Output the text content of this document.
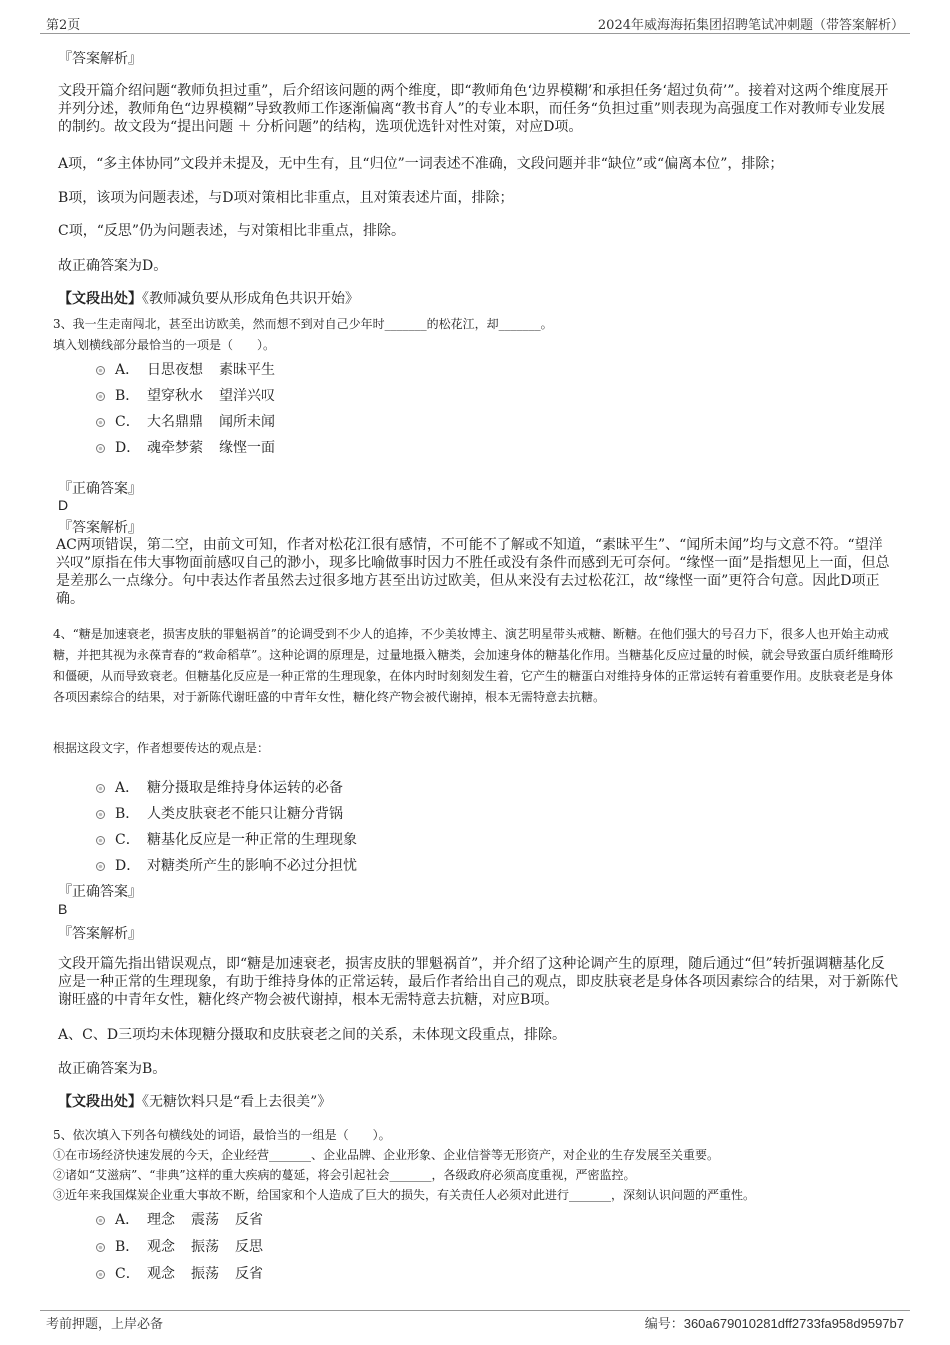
第2页	2024年威海海拓集团招聘笔试冲刺题（带答案解析）
『答案解析』
文段开篇介绍问题“教师负担过重”，后介绍该问题的两个维度，即“教师角色‘边界模糊’和承担任务‘超过负荷’”。接着对这两个维度展开并列分述，教师角色“边界模糊”导致教师工作逐渐偏离“教书育人”的专业本职，而任务“负担过重”则表现为高强度工作对教师专业发展的制约。故文段为“提出问题 ＋ 分析问题”的结构，选项优选针对性对策，对应D项。
A项，“多主体协同”文段并未提及，无中生有，且“归位”一词表述不准确，文段问题并非“缺位”或“偏离本位”，排除；
B项，该项为问题表述，与D项对策相比非重点，且对策表述片面，排除；
C项，“反思”仍为问题表述，与对策相比非重点，排除。
故正确答案为D。
【文段出处】《教师减负要从形成角色共识开始》
3、我一生走南闯北，甚至出访欧美，然而想不到对自己少年时_______的松花江，却_______。
填入划横线部分最恰当的一项是（　　）。
A． 日思夜想 素昧平生
B． 望穿秋水 望洋兴叹
C． 大名鼎鼎 闻所未闻
D． 魂牵梦萦 缘悭一面
『正确答案』
D
『答案解析』
AC两项错误，第二空，由前文可知，作者对松花江很有感情，不可能不了解或不知道，“素昧平生”、“闻所未闻”均与文意不符。“望洋兴叹”原指在伟大事物面前感叹自己的渺小，现多比喻做事时因力不胜任或没有条件而感到无可奈何。“缘悭一面”是指想见上一面，但总是差那么一点缘分。句中表达作者虽然去过很多地方甚至出访过欧美，但从来没有去过松花江，故“缘悭一面”更符合句意。因此D项正确。
4、“糖是加速衰老，损害皮肤的罪魁祸首”的论调受到不少人的追捧，不少美妆博主、演艺明星带头戒糖、断糖。在他们强大的号召力下，很多人也开始主动戒糖，并把其视为永葆青春的“救命稻草”。这种论调的原理是，过量地摄入糖类，会加速身体的糖基化作用。当糖基化反应过量的时候，就会导致蛋白质纤维畸形和僵硬，从而导致衰老。但糖基化反应是一种正常的生理现象，在体内时时刻刻发生着，它产生的糖蛋白对维持身体的正常运转有着重要作用。皮肤衰老是身体各项因素综合的结果，对于新陈代谢旺盛的中青年女性，糖化终产物会被代谢掉，根本无需特意去抗糖。
根据这段文字，作者想要传达的观点是：
A． 糖分摄取是维持身体运转的必备
B． 人类皮肤衰老不能只让糖分背锅
C． 糖基化反应是一种正常的生理现象
D． 对糖类所产生的影响不必过分担忧
『正确答案』
B
『答案解析』
文段开篇先指出错误观点，即“糖是加速衰老，损害皮肤的罪魁祸首”，并介绍了这种论调产生的原理，随后通过“但”转折强调糖基化反应是一种正常的生理现象，有助于维持身体的正常运转，最后作者给出自己的观点，即皮肤衰老是身体各项因素综合的结果，对于新陈代谢旺盛的中青年女性，糖化终产物会被代谢掉，根本无需特意去抗糖，对应B项。
A、C、D三项均未体现糖分摄取和皮肤衰老之间的关系，未体现文段重点，排除。
故正确答案为B。
【文段出处】《无糖饮料只是“看上去很美”》
5、依次填入下列各句横线处的词语，最恰当的一组是（　　）。
①在市场经济快速发展的今天，企业经营_______、企业品牌、企业形象、企业信誉等无形资产，对企业的生存发展至关重要。
②诸如“艾滋病”、“非典”这样的重大疾病的蔓延，将会引起社会_______，各级政府必须高度重视，严密监控。
③近年来我国煤炭企业重大事故不断，给国家和个人造成了巨大的损失，有关责任人必须对此进行_______，深刻认识问题的严重性。
A． 理念 震荡 反省
B． 观念 振荡 反思
C． 观念 振荡 反省
考前押题，上岸必备	编号：360a679010281dff2733fa958d9597b7
